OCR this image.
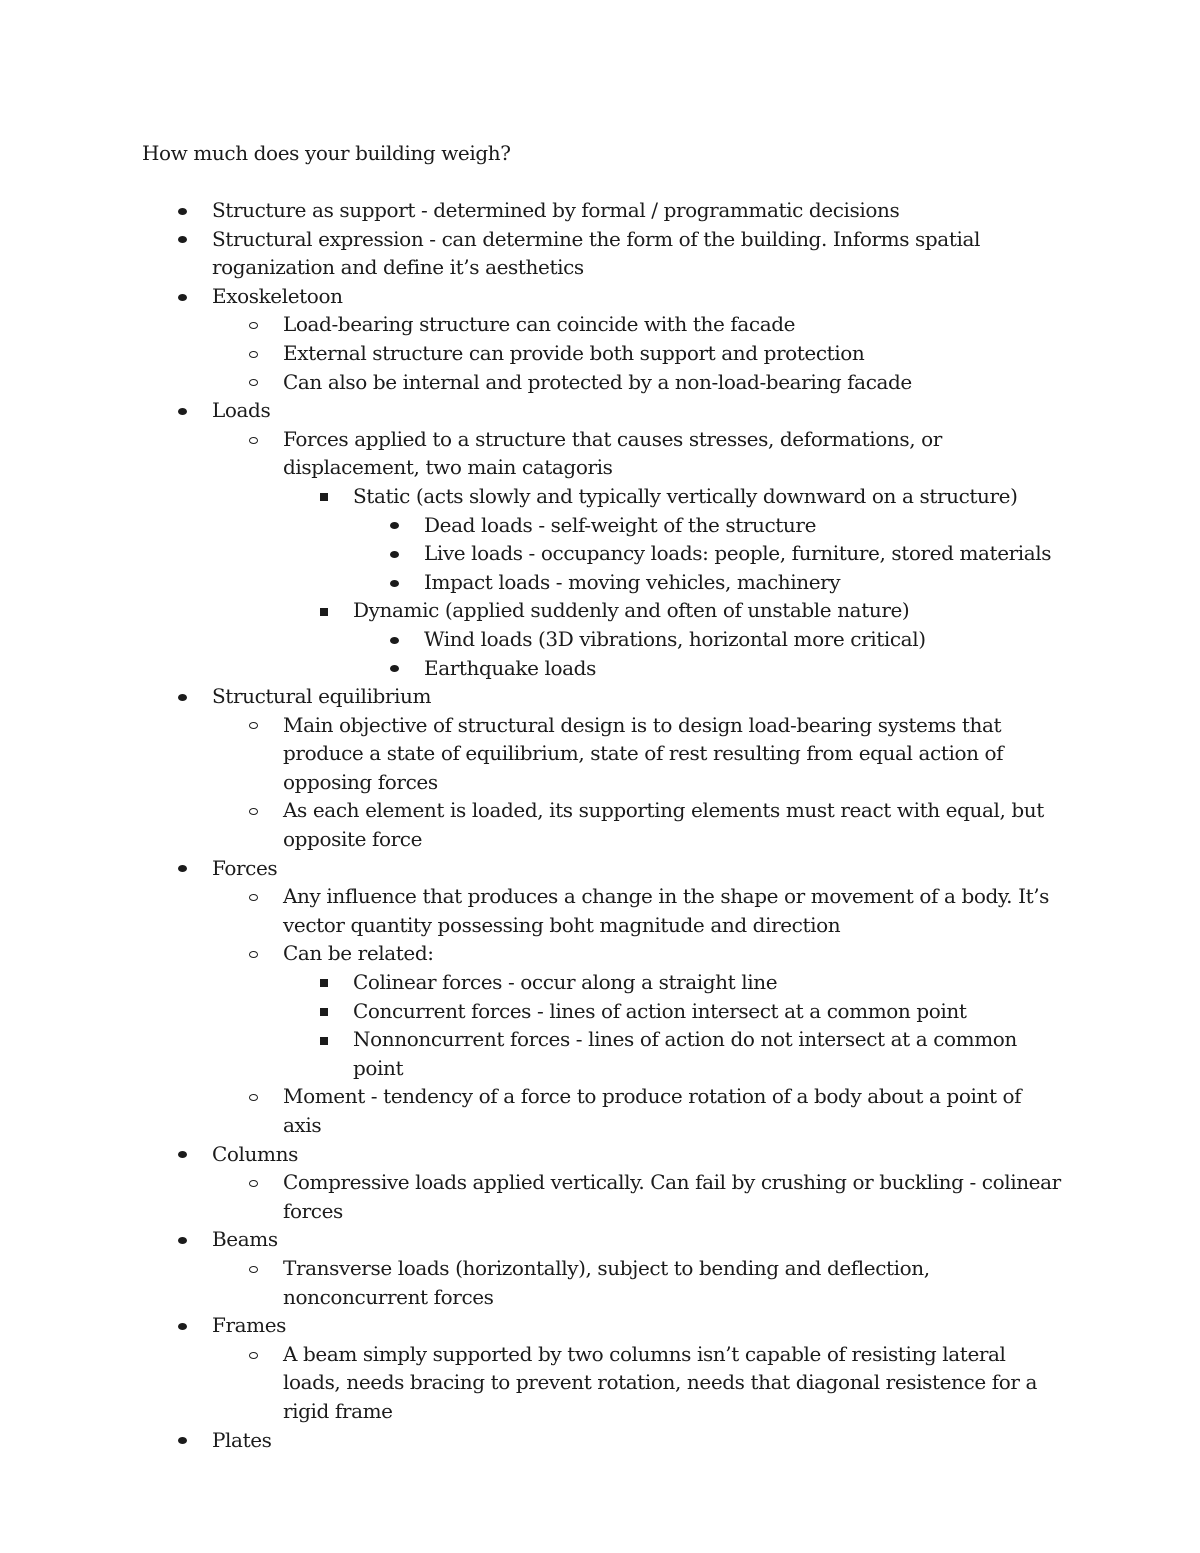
How much does your building weigh?
Structure as support - determined by formal / programmatic decisions
Structural expression - can determine the form of the building. Informs spatial roganization and define it’s aesthetics
Exoskeletoon
Load-bearing structure can coincide with the facade
External structure can provide both support and protection
Can also be internal and protected by a non-load-bearing facade
Loads
Forces applied to a structure that causes stresses, deformations, or displacement, two main catagoris
Static (acts slowly and typically vertically downward on a structure)
Dead loads - self-weight of the structure
Live loads - occupancy loads: people, furniture, stored materials
Impact loads - moving vehicles, machinery
Dynamic (applied suddenly and often of unstable nature)
Wind loads (3D vibrations, horizontal more critical)
Earthquake loads
Structural equilibrium
Main objective of structural design is to design load-bearing systems that produce a state of equilibrium, state of rest resulting from equal action of opposing forces
As each element is loaded, its supporting elements must react with equal, but opposite force
Forces
Any influence that produces a change in the shape or movement of a body. It’s vector quantity possessing boht magnitude and direction
Can be related:
Colinear forces - occur along a straight line
Concurrent forces - lines of action intersect at a common point
Nonnoncurrent forces - lines of action do not intersect at a common point
Moment - tendency of a force to produce rotation of a body about a point of axis
Columns
Compressive loads applied vertically. Can fail by crushing or buckling - colinear forces
Beams
Transverse loads (horizontally), subject to bending and deflection, nonconcurrent forces
Frames
A beam simply supported by two columns isn’t capable of resisting lateral loads, needs bracing to prevent rotation, needs that diagonal resistence for a rigid frame
Plates
